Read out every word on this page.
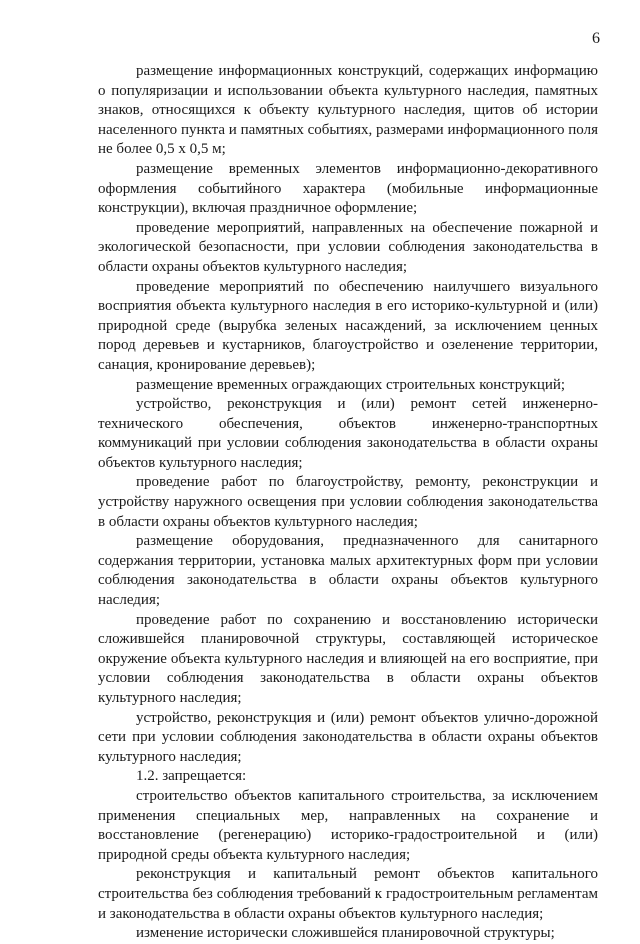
6

размещение информационных конструкций, содержащих информацию о популяризации и использовании объекта культурного наследия, памятных знаков, относящихся к объекту культурного наследия, щитов об истории населенного пункта и памятных событиях, размерами информационного поля не более 0,5 х 0,5 м;

размещение временных элементов информационно-декоративного оформления событийного характера (мобильные информационные конструкции), включая праздничное оформление;

проведение мероприятий, направленных на обеспечение пожарной и экологической безопасности, при условии соблюдения законодательства в области охраны объектов культурного наследия;

проведение мероприятий по обеспечению наилучшего визуального восприятия объекта культурного наследия в его историко-культурной и (или) природной среде (вырубка зеленых насаждений, за исключением ценных пород деревьев и кустарников, благоустройство и озеленение территории, санация, кронирование деревьев);

размещение временных ограждающих строительных конструкций;

устройство, реконструкция и (или) ремонт сетей инженерно-технического обеспечения, объектов инженерно-транспортных коммуникаций при условии соблюдения законодательства в области охраны объектов культурного наследия;

проведение работ по благоустройству, ремонту, реконструкции и устройству наружного освещения при условии соблюдения законодательства в области охраны объектов культурного наследия;

размещение оборудования, предназначенного для санитарного содержания территории, установка малых архитектурных форм при условии соблюдения законодательства в области охраны объектов культурного наследия;

проведение работ по сохранению и восстановлению исторически сложившейся планировочной структуры, составляющей историческое окружение объекта культурного наследия и влияющей на его восприятие, при условии соблюдения законодательства в области охраны объектов культурного наследия;

устройство, реконструкция и (или) ремонт объектов улично-дорожной сети при условии соблюдения законодательства в области охраны объектов культурного наследия;

1.2. запрещается:

строительство объектов капитального строительства, за исключением применения специальных мер, направленных на сохранение и восстановление (регенерацию) историко-градостроительной и (или) природной среды объекта культурного наследия;

реконструкция и капитальный ремонт объектов капитального строительства без соблюдения требований к градостроительным регламентам и законодательства в области охраны объектов культурного наследия;

изменение исторически сложившейся планировочной структуры;
